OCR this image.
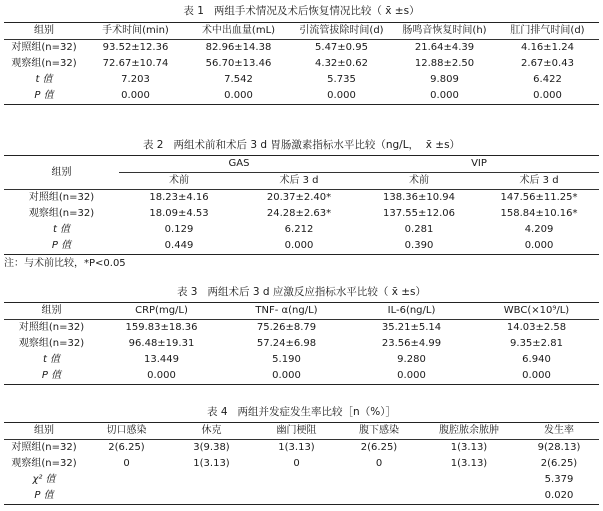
表 1   两组手术情况及术后恢复情况比较（ x̄ ±s）
组别	手术时间(min)	术中出血量(mL)	引流管拔除时间(d)	肠鸣音恢复时间(h)	肛门排气时间(d)
对照组(n=32)	93.52±12.36	82.96±14.38	5.47±0.95	21.64±4.39	4.16±1.24
观察组(n=32)	72.67±10.74	56.70±13.46	4.32±0.62	12.88±2.50	2.67±0.43
t 值	7.203	7.542	5.735	9.809	6.422
P 值	0.000	0.000	0.000	0.000	0.000
表 2   两组术前和术后 3 d 胃肠激素指标水平比较（ng/L，  x̄ ±s）
组别	GAS		VIP	
	术前	术后 3 d	术前	术后 3 d
对照组(n=32)	18.23±4.16	20.37±2.40*	138.36±10.94	147.56±11.25*
观察组(n=32)	18.09±4.53	24.28±2.63*	137.55±12.06	158.84±10.16*
t 值	0.129	6.212	0.281	4.209
P 值	0.449	0.000	0.390	0.000
注：与术前比较，*P<0.05
表 3   两组术后 3 d 应激反应指标水平比较（ x̄ ±s）
组别	CRP(mg/L)	TNF- α(ng/L)	IL-6(ng/L)	WBC(×10⁹/L)
对照组(n=32)	159.83±18.36	75.26±8.79	35.21±5.14	14.03±2.58
观察组(n=32)	96.48±19.31	57.24±6.98	23.56±4.99	9.35±2.81
t 值	13.449	5.190	9.280	6.940
P 值	0.000	0.000	0.000	0.000
表 4   两组并发症发生率比较［n（%）］
组别	切口感染	休克	幽门梗阻	腹下感染	腹腔脓余脓肿	发生率
对照组(n=32)	2(6.25)	3(9.38)	1(3.13)	2(6.25)	1(3.13)	9(28.13)
观察组(n=32)	0	1(3.13)	0	0	1(3.13)	2(6.25)
χ² 值						5.379
P 值						0.020
